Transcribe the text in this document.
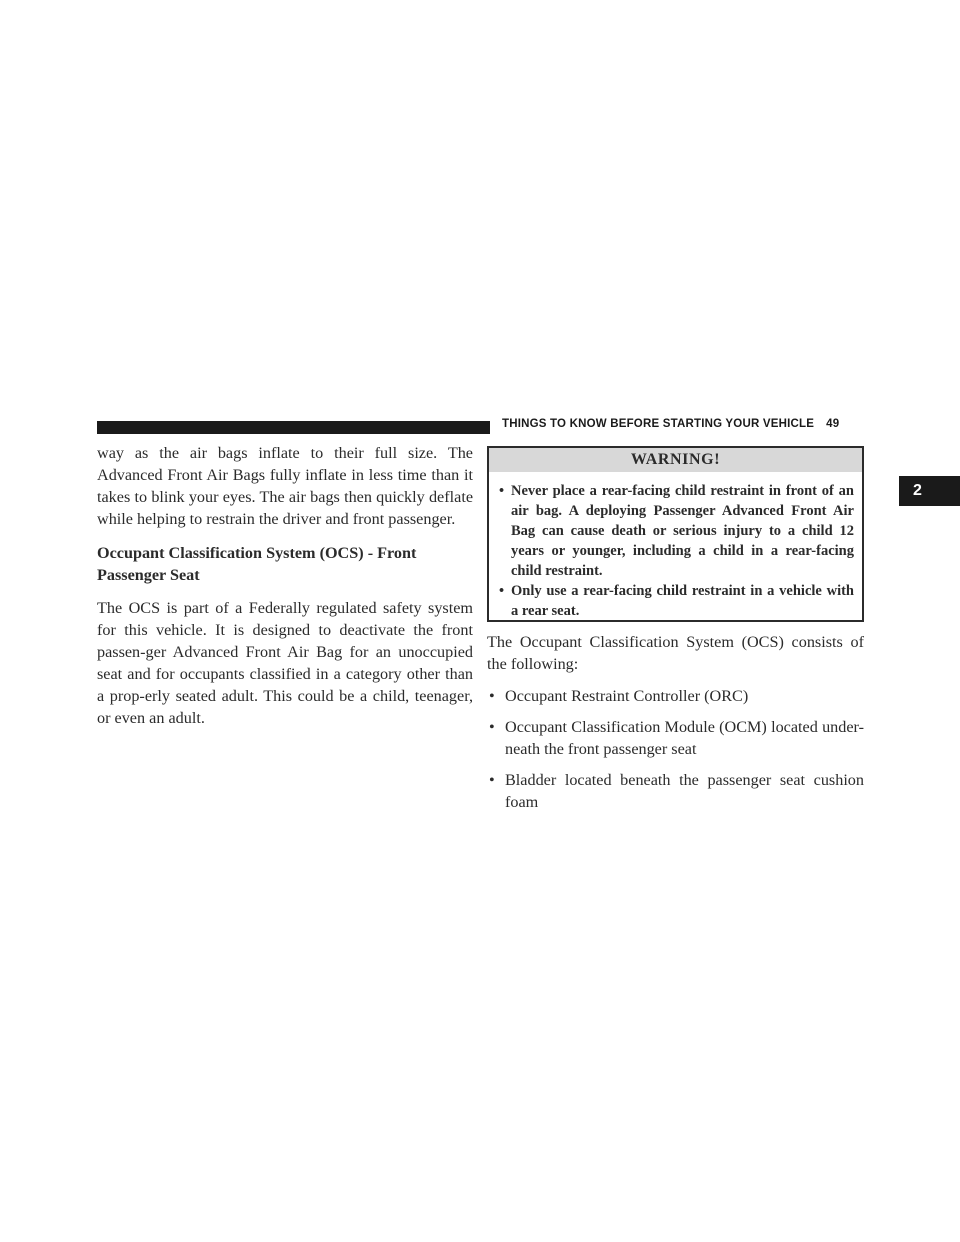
THINGS TO KNOW BEFORE STARTING YOUR VEHICLE 49
2

way as the air bags inflate to their full size. The Advanced Front Air Bags fully inflate in less time than it takes to blink your eyes. The air bags then quickly deflate while helping to restrain the driver and front passenger.

Occupant Classification System (OCS) - Front Passenger Seat

The OCS is part of a Federally regulated safety system for this vehicle. It is designed to deactivate the front passen-ger Advanced Front Air Bag for an unoccupied seat and for occupants classified in a category other than a prop-erly seated adult. This could be a child, teenager, or even an adult.

WARNING!
• Never place a rear-facing child restraint in front of an air bag. A deploying Passenger Advanced Front Air Bag can cause death or serious injury to a child 12 years or younger, including a child in a rear-facing child restraint.
• Only use a rear-facing child restraint in a vehicle with a rear seat.

The Occupant Classification System (OCS) consists of the following:

• Occupant Restraint Controller (ORC)
• Occupant Classification Module (OCM) located under-neath the front passenger seat
• Bladder located beneath the passenger seat cushion foam
